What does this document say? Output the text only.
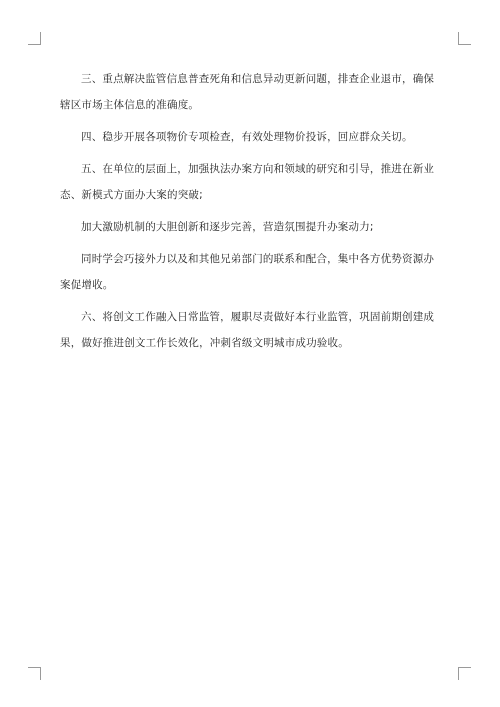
三、重点解决监管信息普查死角和信息异动更新问题，排查企业退市，确保辖区市场主体信息的准确度。

四、稳步开展各项物价专项检查，有效处理物价投诉，回应群众关切。

五、在单位的层面上，加强执法办案方向和领域的研究和引导，推进在新业态、新模式方面办大案的突破;

加大激励机制的大胆创新和逐步完善，营造氛围提升办案动力;

同时学会巧接外力以及和其他兄弟部门的联系和配合，集中各方优势资源办案促增收。

六、将创文工作融入日常监管，履职尽责做好本行业监管，巩固前期创建成果，做好推进创文工作长效化，冲刺省级文明城市成功验收。
